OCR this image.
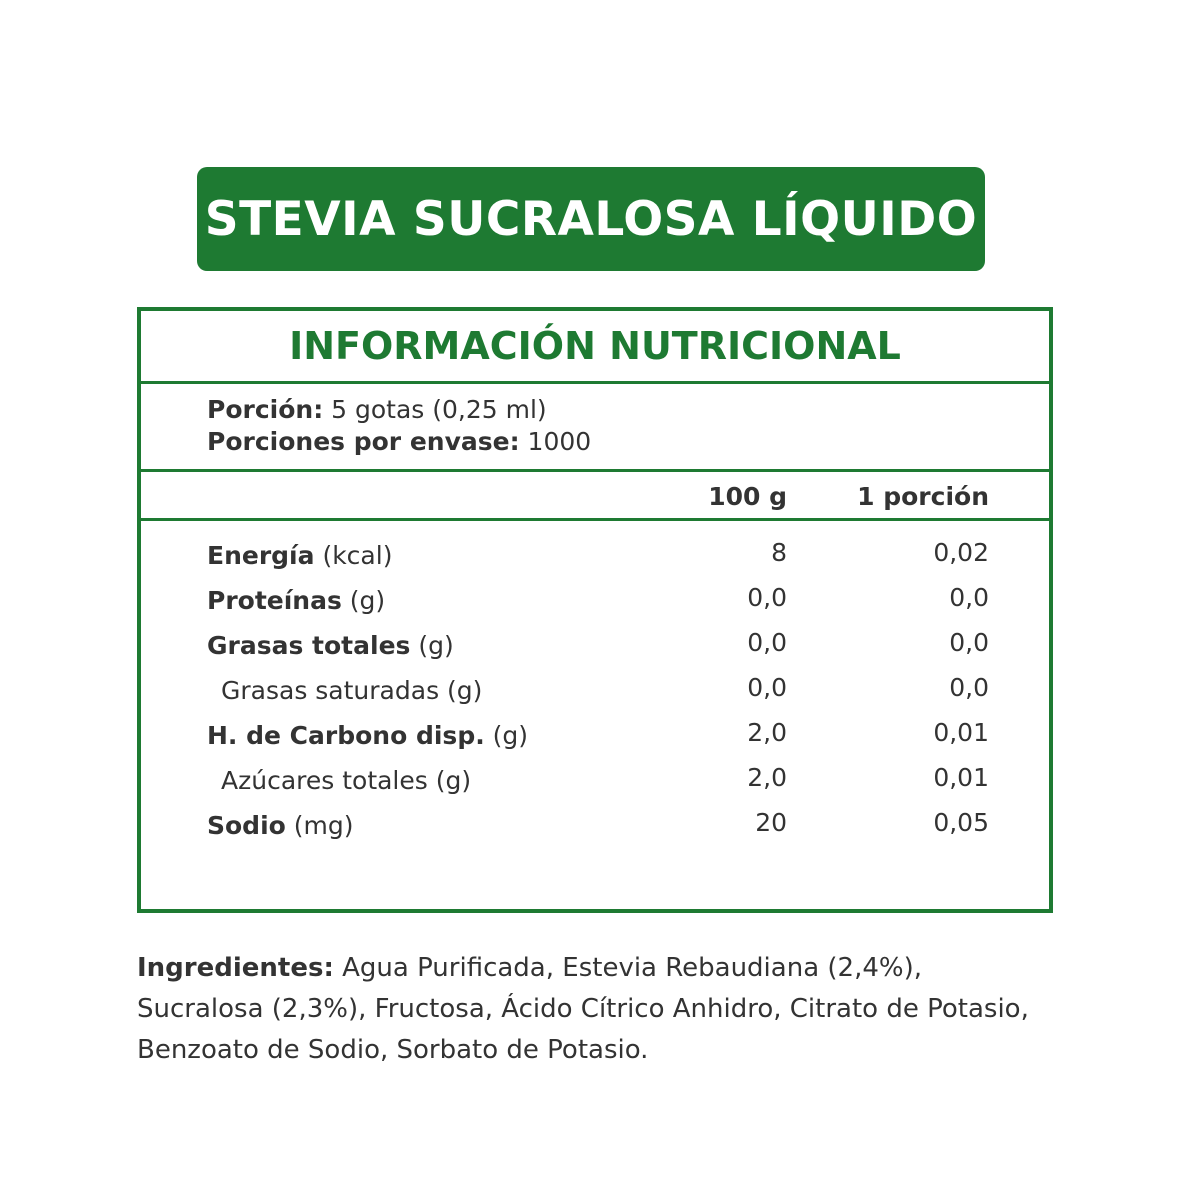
STEVIA SUCRALOSA LÍQUIDO
INFORMACIÓN NUTRICIONAL
Porción: 5 gotas (0,25 ml)
Porciones por envase: 1000
100 g	1 porción
Energía (kcal)	8	0,02
Proteínas (g)	0,0	0,0
Grasas totales (g)	0,0	0,0
Grasas saturadas (g)	0,0	0,0
H. de Carbono disp. (g)	2,0	0,01
Azúcares totales (g)	2,0	0,01
Sodio (mg)	20	0,05
Ingredientes: Agua Purificada, Estevia Rebaudiana (2,4%), Sucralosa (2,3%), Fructosa, Ácido Cítrico Anhidro, Citrato de Potasio, Benzoato de Sodio, Sorbato de Potasio.
